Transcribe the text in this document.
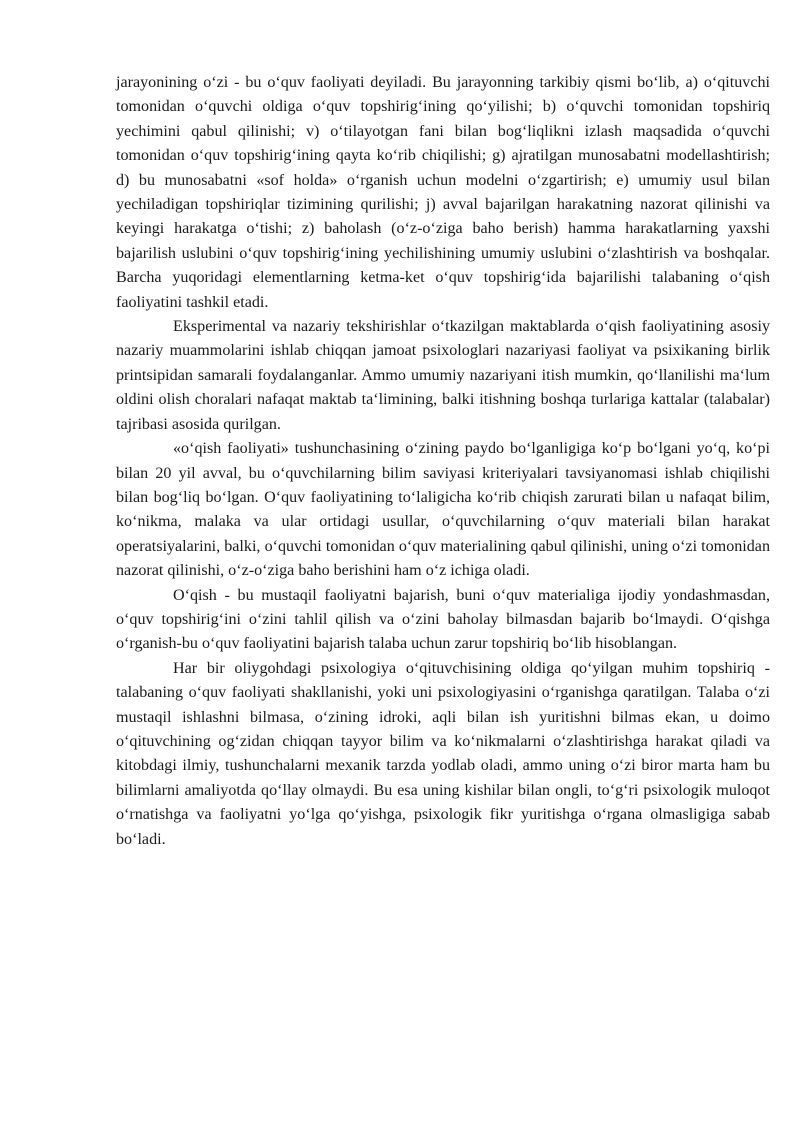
jarayonining o‘zi - bu o‘quv faoliyati deyiladi. Bu jarayonning tarkibiy qismi bo‘lib, a) o‘qituvchi tomonidan o‘quvchi oldiga o‘quv topshirig‘ining qo‘yilishi; b) o‘quvchi tomonidan topshiriq yechimini qabul qilinishi; v) o‘tilayotgan fani bilan bog‘liqlikni izlash maqsadida o‘quvchi tomonidan o‘quv topshirig‘ining qayta ko‘rib chiqilishi; g) ajratilgan munosabatni modellashtirish; d) bu munosabatni «sof holda» o‘rganish uchun modelni o‘zgartirish; e) umumiy usul bilan yechiladigan topshiriqlar tizimining qurilishi; j) avval bajarilgan harakatning nazorat qilinishi va keyingi harakatga o‘tishi; z) baholash (o‘z-o‘ziga baho berish) hamma harakatlarning yaxshi bajarilish uslubini o‘quv topshirig‘ining yechilishining umumiy uslubini o‘zlashtirish va boshqalar. Barcha yuqoridagi elementlarning ketma-ket o‘quv topshirig‘ida bajarilishi talabaning o‘qish faoliyatini tashkil etadi.

Eksperimental va nazariy tekshirishlar o‘tkazilgan maktablarda o‘qish faoliyatining asosiy nazariy muammolarini ishlab chiqqan jamoat psixologlari nazariyasi faoliyat va psixikaning birlik printsipidan samarali foydalanganlar. Ammo umumiy nazariyani itish mumkin, qo‘llanilishi ma‘lum oldini olish choralari nafaqat maktab ta‘limining, balki itishning boshqa turlariga kattalar (talabalar) tajribasi asosida qurilgan.

«o‘qish faoliyati» tushunchasining o‘zining paydo bo‘lganligiga ko‘p bo‘lgani yo‘q, ko‘pi bilan 20 yil avval, bu o‘quvchilarning bilim saviyasi kriteriyalari tavsiyanomasi ishlab chiqilishi bilan bog‘liq bo‘lgan. O‘quv faoliyatining to‘laligicha ko‘rib chiqish zarurati bilan u nafaqat bilim, ko‘nikma, malaka va ular ortidagi usullar, o‘quvchilarning o‘quv materiali bilan harakat operatsiyalarini, balki, o‘quvchi tomonidan o‘quv materialining qabul qilinishi, uning o‘zi tomonidan nazorat qilinishi, o‘z-o‘ziga baho berishini ham o‘z ichiga oladi.

O‘qish - bu mustaqil faoliyatni bajarish, buni o‘quv materialiga ijodiy yondashmasdan, o‘quv topshirig‘ini o‘zini tahlil qilish va o‘zini baholay bilmasdan bajarib bo‘lmaydi. O‘qishga o‘rganish-bu o‘quv faoliyatini bajarish talaba uchun zarur topshiriq bo‘lib hisoblangan.

Har bir oliygohdagi psixologiya o‘qituvchisining oldiga qo‘yilgan muhim topshiriq - talabaning o‘quv faoliyati shakllanishi, yoki uni psixologiyasini o‘rganishga qaratilgan. Talaba o‘zi mustaqil ishlashni bilmasa, o‘zining idroki, aqli bilan ish yuritishni bilmas ekan, u doimo o‘qituvchining og‘zidan chiqqan tayyor bilim va ko‘nikmalarni o‘zlashtirishga harakat qiladi va kitobdagi ilmiy, tushunchalarni mexanik tarzda yodlab oladi, ammo uning o‘zi biror marta ham bu bilimlarni amaliyotda qo‘llay olmaydi. Bu esa uning kishilar bilan ongli, to‘g‘ri psixologik muloqot o‘rnatishga va faoliyatni yo‘lga qo‘yishga, psixologik fikr yuritishga o‘rgana olmasligiga sabab bo‘ladi.
